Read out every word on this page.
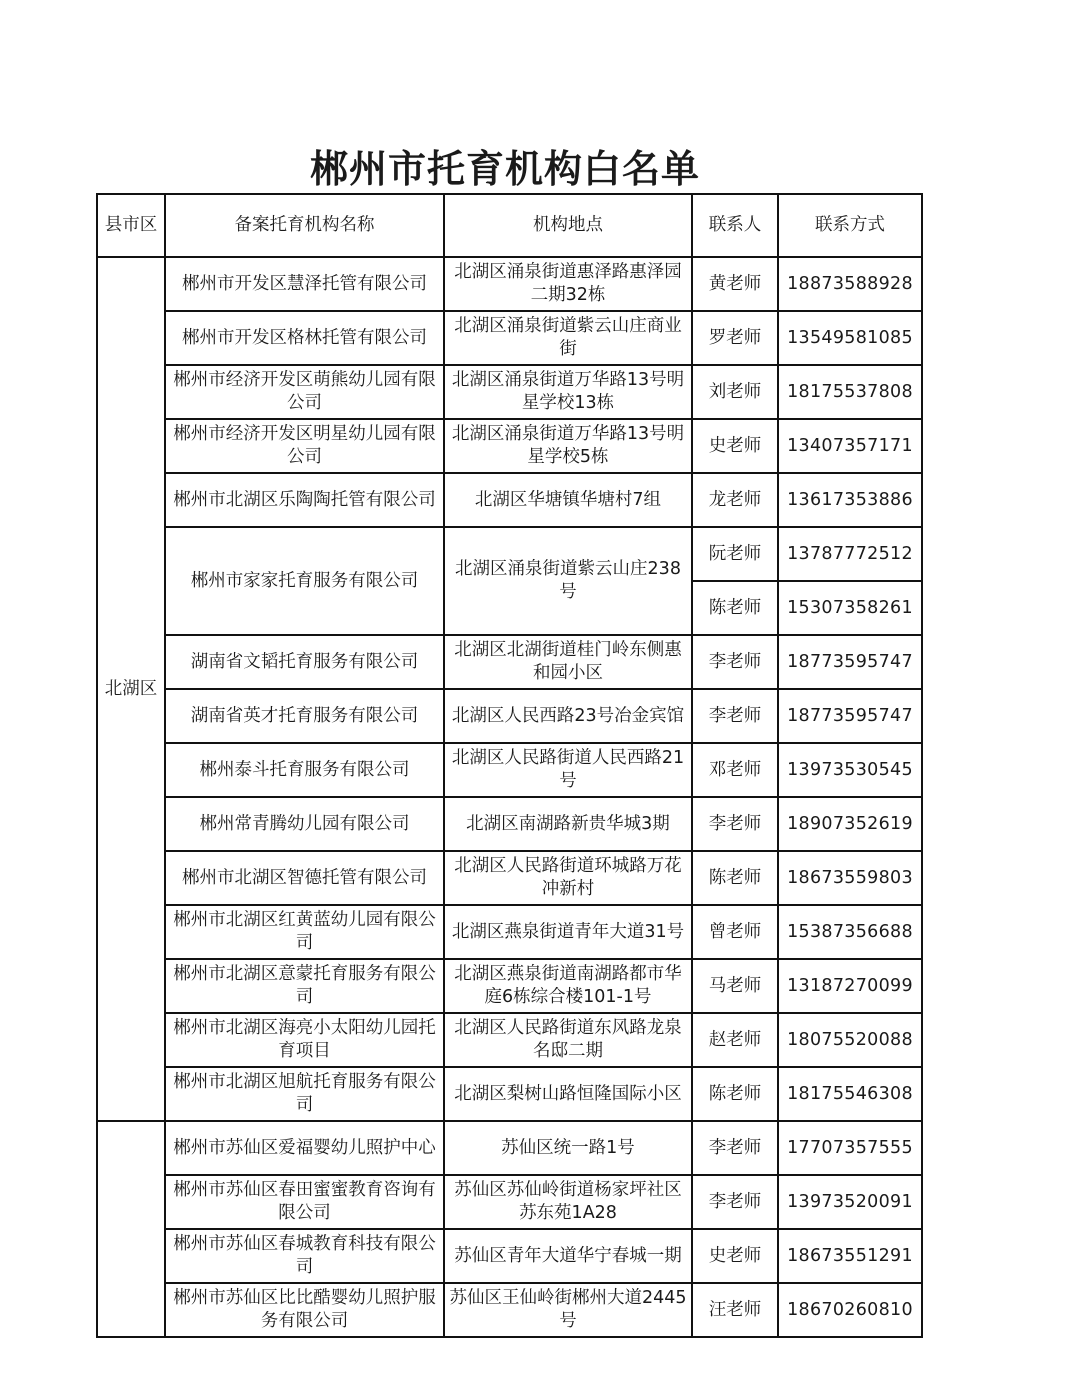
郴州市托育机构白名单
县市区	备案托育机构名称	机构地点	联系人	联系方式
北湖区	郴州市开发区慧泽托管有限公司	北湖区涌泉街道惠泽路惠泽园二期32栋	黄老师	18873588928
	郴州市开发区格林托管有限公司	北湖区涌泉街道紫云山庄商业街	罗老师	13549581085
	郴州市经济开发区萌熊幼儿园有限公司	北湖区涌泉街道万华路13号明星学校13栋	刘老师	18175537808
	郴州市经济开发区明星幼儿园有限公司	北湖区涌泉街道万华路13号明星学校5栋	史老师	13407357171
	郴州市北湖区乐陶陶托管有限公司	北湖区华塘镇华塘村7组	龙老师	13617353886
	郴州市家家托育服务有限公司	北湖区涌泉街道紫云山庄238号	阮老师	13787772512
			陈老师	15307358261
	湖南省文韬托育服务有限公司	北湖区北湖街道桂门岭东侧惠和园小区	李老师	18773595747
	湖南省英才托育服务有限公司	北湖区人民西路23号冶金宾馆	李老师	18773595747
	郴州泰斗托育服务有限公司	北湖区人民路街道人民西路21号	邓老师	13973530545
	郴州常青腾幼儿园有限公司	北湖区南湖路新贵华城3期	李老师	18907352619
	郴州市北湖区智德托管有限公司	北湖区人民路街道环城路万花冲新村	陈老师	18673559803
	郴州市北湖区红黄蓝幼儿园有限公司	北湖区燕泉街道青年大道31号	曾老师	15387356688
	郴州市北湖区意蒙托育服务有限公司	北湖区燕泉街道南湖路都市华庭6栋综合楼101-1号	马老师	13187270099
	郴州市北湖区海亮小太阳幼儿园托育项目	北湖区人民路街道东风路龙泉名邸二期	赵老师	18075520088
	郴州市北湖区旭航托育服务有限公司	北湖区梨树山路恒隆国际小区	陈老师	18175546308
	郴州市苏仙区爱福婴幼儿照护中心	苏仙区统一路1号	李老师	17707357555
	郴州市苏仙区春田蜜蜜教育咨询有限公司	苏仙区苏仙岭街道杨家坪社区苏东苑1A28	李老师	13973520091
	郴州市苏仙区春城教育科技有限公司	苏仙区青年大道华宁春城一期	史老师	18673551291
	郴州市苏仙区比比酷婴幼儿照护服务有限公司	苏仙区王仙岭街郴州大道2445号	汪老师	18670260810
